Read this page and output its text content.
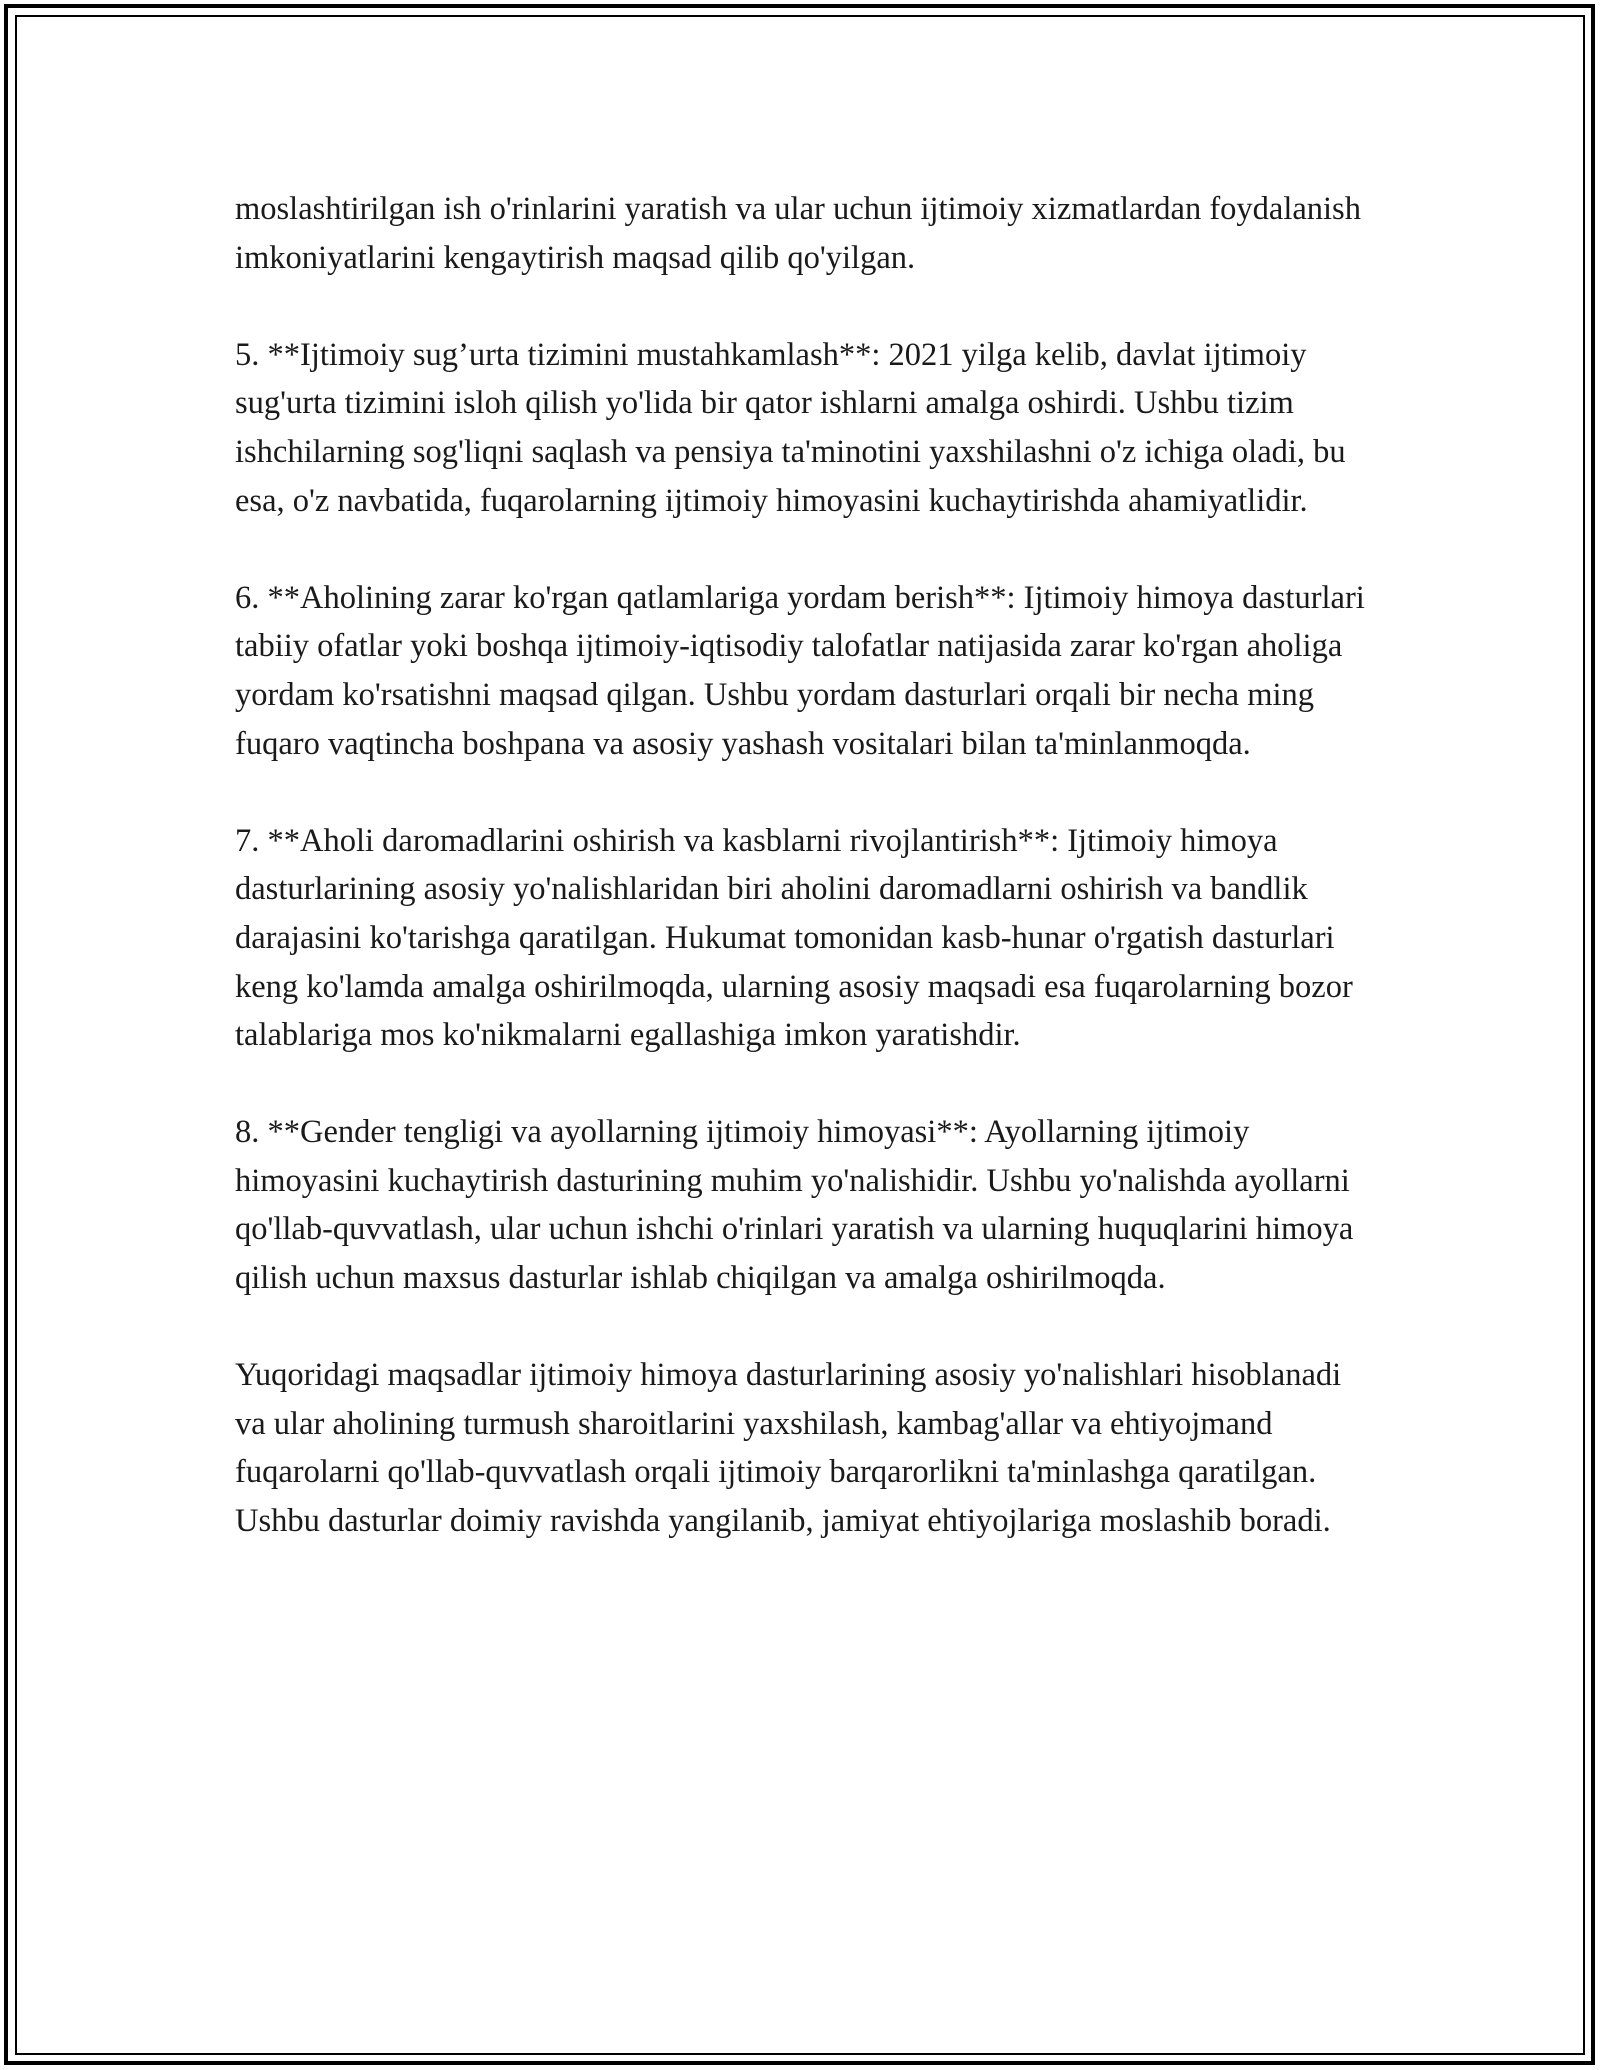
moslashtirilgan ish o'rinlarini yaratish va ular uchun ijtimoiy xizmatlardan foydalanish imkoniyatlarini kengaytirish maqsad qilib qo'yilgan.

5. **Ijtimoiy sug’urta tizimini mustahkamlash**: 2021 yilga kelib, davlat ijtimoiy sug'urta tizimini isloh qilish yo'lida bir qator ishlarni amalga oshirdi. Ushbu tizim ishchilarning sog'liqni saqlash va pensiya ta'minotini yaxshilashni o'z ichiga oladi, bu esa, o'z navbatida, fuqarolarning ijtimoiy himoyasini kuchaytirishda ahamiyatlidir.

6. **Aholining zarar ko'rgan qatlamlariga yordam berish**: Ijtimoiy himoya dasturlari tabiiy ofatlar yoki boshqa ijtimoiy-iqtisodiy talofatlar natijasida zarar ko'rgan aholiga yordam ko'rsatishni maqsad qilgan. Ushbu yordam dasturlari orqali bir necha ming fuqaro vaqtincha boshpana va asosiy yashash vositalari bilan ta'minlanmoqda.

7. **Aholi daromadlarini oshirish va kasblarni rivojlantirish**: Ijtimoiy himoya dasturlarining asosiy yo'nalishlaridan biri aholini daromadlarni oshirish va bandlik darajasini ko'tarishga qaratilgan. Hukumat tomonidan kasb-hunar o'rgatish dasturlari keng ko'lamda amalga oshirilmoqda, ularning asosiy maqsadi esa fuqarolarning bozor talablariga mos ko'nikmalarni egallashiga imkon yaratishdir.

8. **Gender tengligi va ayollarning ijtimoiy himoyasi**: Ayollarning ijtimoiy himoyasini kuchaytirish dasturining muhim yo'nalishidir. Ushbu yo'nalishda ayollarni qo'llab-quvvatlash, ular uchun ishchi o'rinlari yaratish va ularning huquqlarini himoya qilish uchun maxsus dasturlar ishlab chiqilgan va amalga oshirilmoqda.

Yuqoridagi maqsadlar ijtimoiy himoya dasturlarining asosiy yo'nalishlari hisoblanadi va ular aholining turmush sharoitlarini yaxshilash, kambag'allar va ehtiyojmand fuqarolarni qo'llab-quvvatlash orqali ijtimoiy barqarorlikni ta'minlashga qaratilgan. Ushbu dasturlar doimiy ravishda yangilanib, jamiyat ehtiyojlariga moslashib boradi.
